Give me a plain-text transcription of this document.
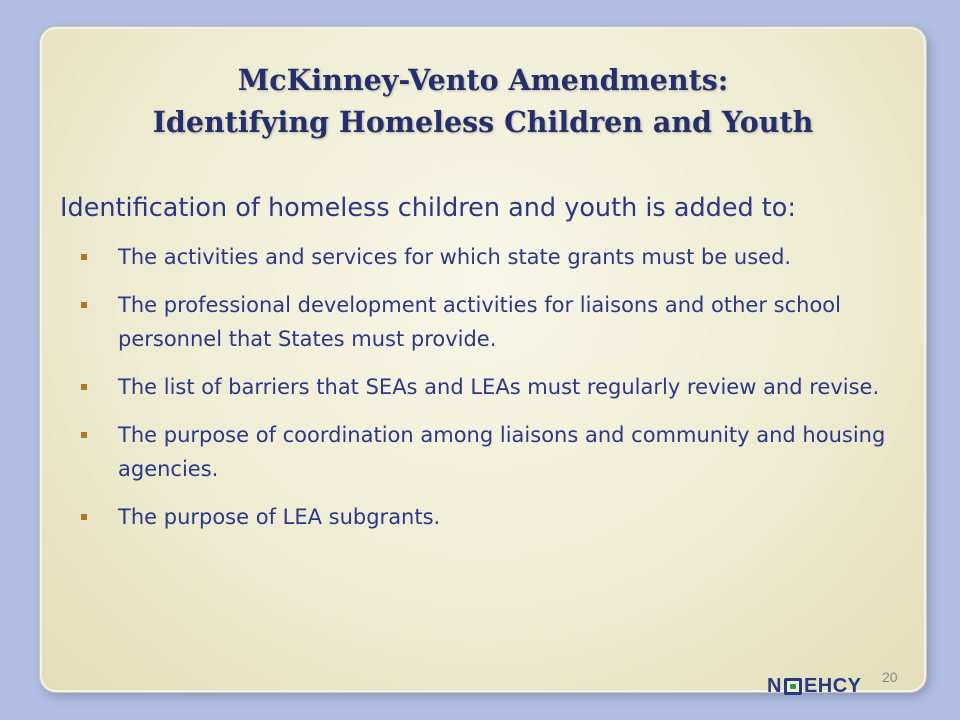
McKinney-Vento Amendments:
Identifying Homeless Children and Youth

Identification of homeless children and youth is added to:

The activities and services for which state grants must be used.
The professional development activities for liaisons and other school personnel that States must provide.
The list of barriers that SEAs and LEAs must regularly review and revise.
The purpose of coordination among liaisons and community and housing agencies.
The purpose of LEA subgrants.
N EHCY 20
